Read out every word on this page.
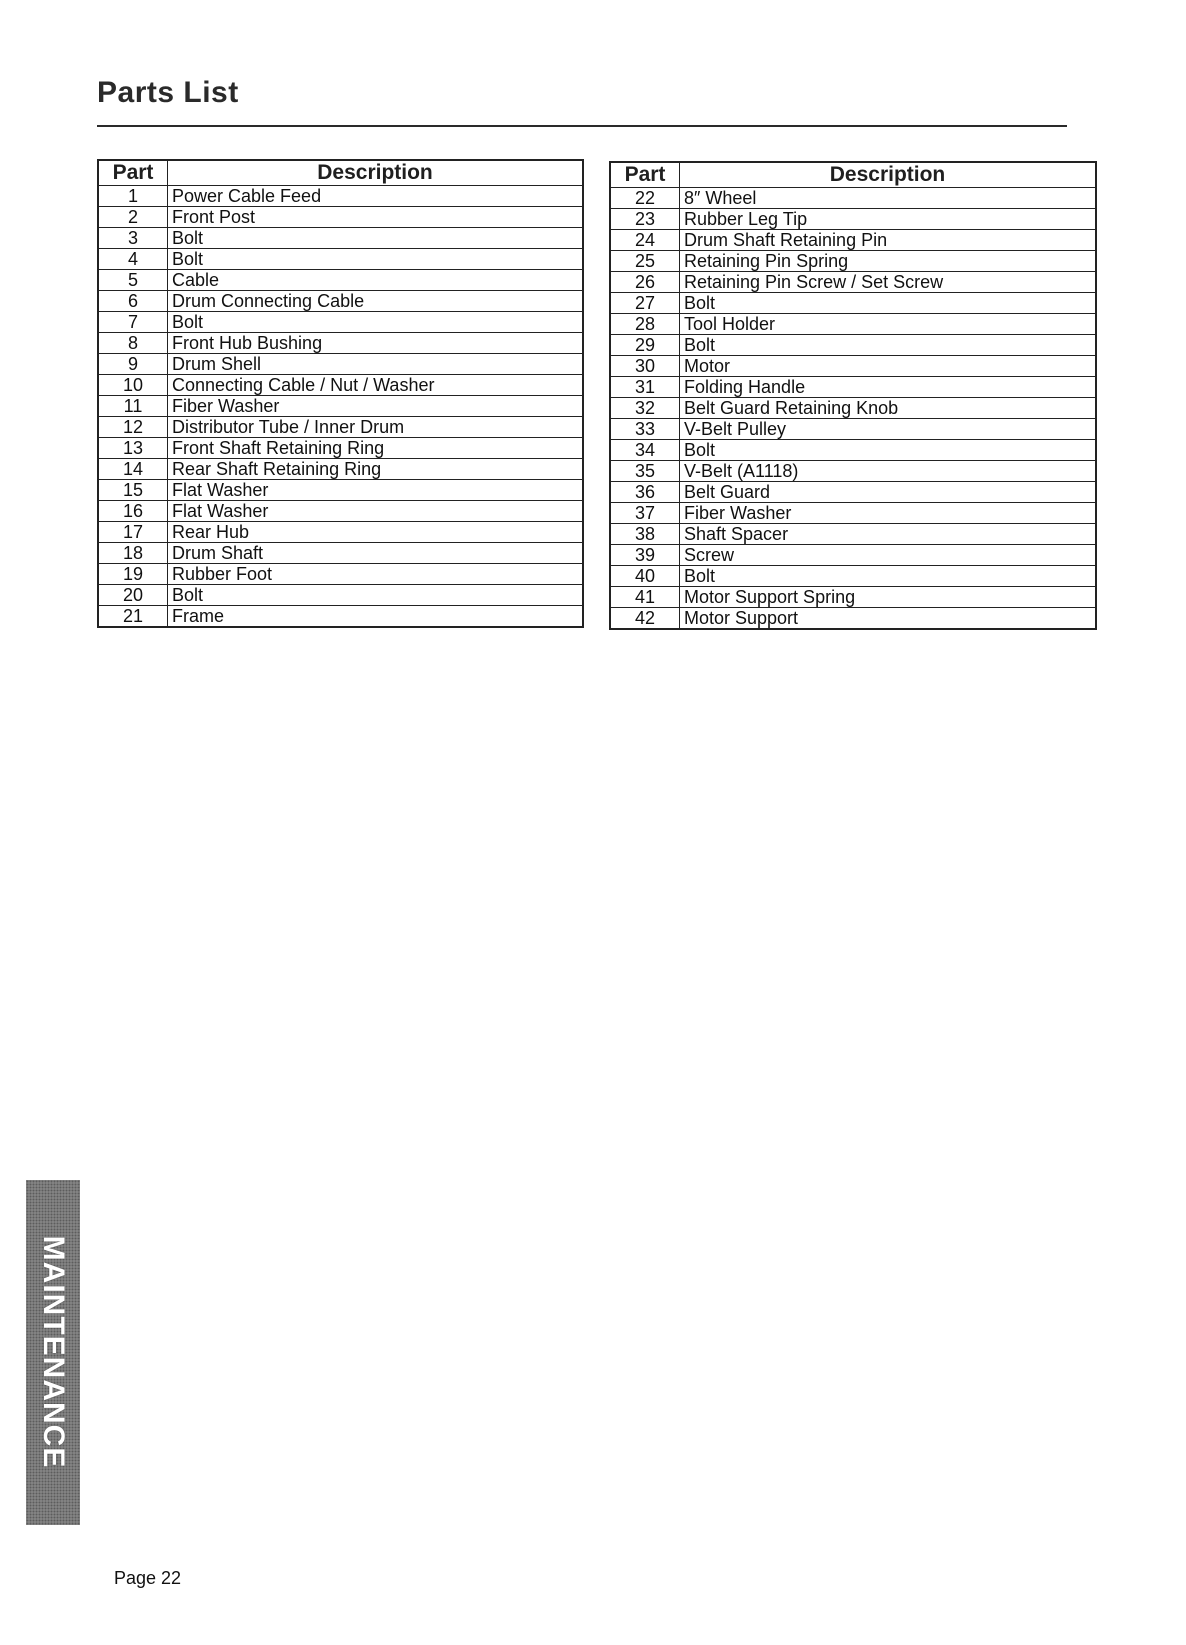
Parts List
Part	Description
1	Power Cable Feed
2	Front Post
3	Bolt
4	Bolt
5	Cable
6	Drum Connecting Cable
7	Bolt
8	Front Hub Bushing
9	Drum Shell
10	Connecting Cable / Nut / Washer
11	Fiber Washer
12	Distributor Tube / Inner Drum
13	Front Shaft Retaining Ring
14	Rear Shaft Retaining Ring
15	Flat Washer
16	Flat Washer
17	Rear Hub
18	Drum Shaft
19	Rubber Foot
20	Bolt
21	Frame
Part	Description
22	8″ Wheel
23	Rubber Leg Tip
24	Drum Shaft Retaining Pin
25	Retaining Pin Spring
26	Retaining Pin Screw / Set Screw
27	Bolt
28	Tool Holder
29	Bolt
30	Motor
31	Folding Handle
32	Belt Guard Retaining Knob
33	V-Belt Pulley
34	Bolt
35	V-Belt (A1118)
36	Belt Guard
37	Fiber Washer
38	Shaft Spacer
39	Screw
40	Bolt
41	Motor Support Spring
42	Motor Support
MAINTENANCE
Page 22
